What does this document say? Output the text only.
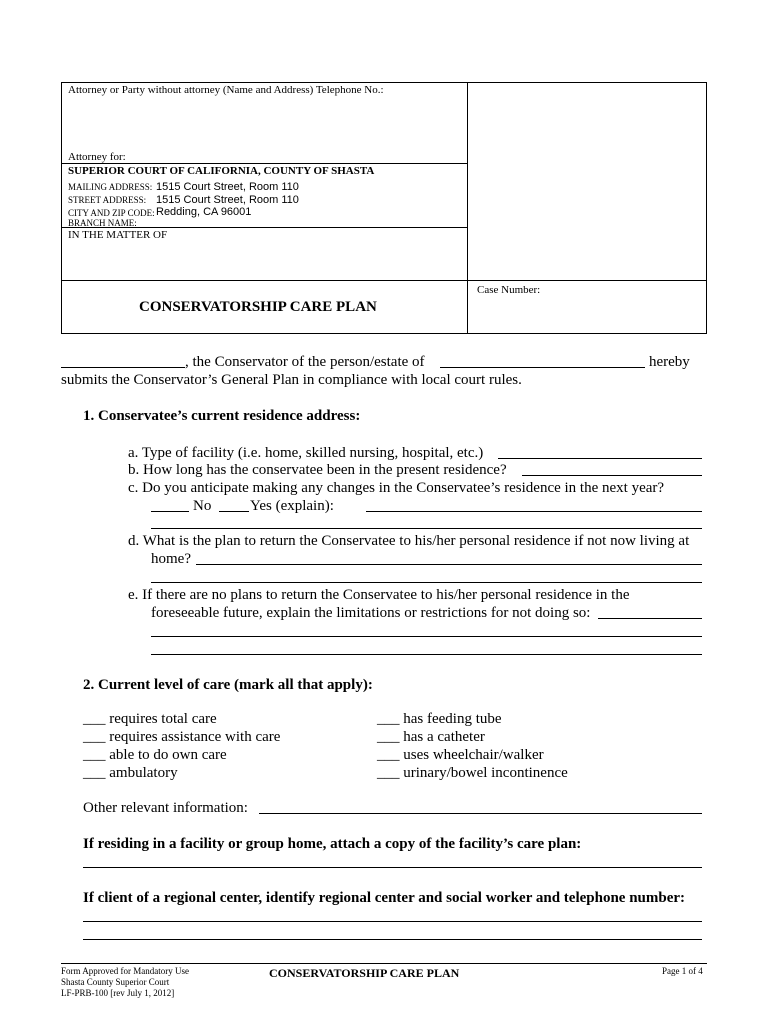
Attorney or Party without attorney (Name and Address) Telephone No.:
Attorney for:
SUPERIOR COURT OF CALIFORNIA, COUNTY OF SHASTA
MAILING ADDRESS: 1515 Court Street, Room 110
STREET ADDRESS: 1515 Court Street, Room 110
CITY AND ZIP CODE: Redding, CA 96001
BRANCH NAME:
IN THE MATTER OF
CONSERVATORSHIP CARE PLAN
Case Number:
, the Conservator of the person/estate of	hereby
submits the Conservator’s General Plan in compliance with local court rules.
1. Conservatee’s current residence address:
a. Type of facility (i.e. home, skilled nursing, hospital, etc.)
b. How long has the conservatee been in the present residence?
c. Do you anticipate making any changes in the Conservatee’s residence in the next year?
No	Yes (explain):
d. What is the plan to return the Conservatee to his/her personal residence if not now living at
home?
e. If there are no plans to return the Conservatee to his/her personal residence in the
foreseeable future, explain the limitations or restrictions for not doing so:
2. Current level of care (mark all that apply):
___ requires total care
___ requires assistance with care
___ able to do own care
___ ambulatory
___ has feeding tube
___ has a catheter
___ uses wheelchair/walker
___ urinary/bowel incontinence
Other relevant information:
If residing in a facility or group home, attach a copy of the facility’s care plan:
If client of a regional center, identify regional center and social worker and telephone number:
Form Approved for Mandatory Use
Shasta County Superior Court
LF-PRB-100 [rev July 1, 2012]
CONSERVATORSHIP CARE PLAN	Page 1 of 4
